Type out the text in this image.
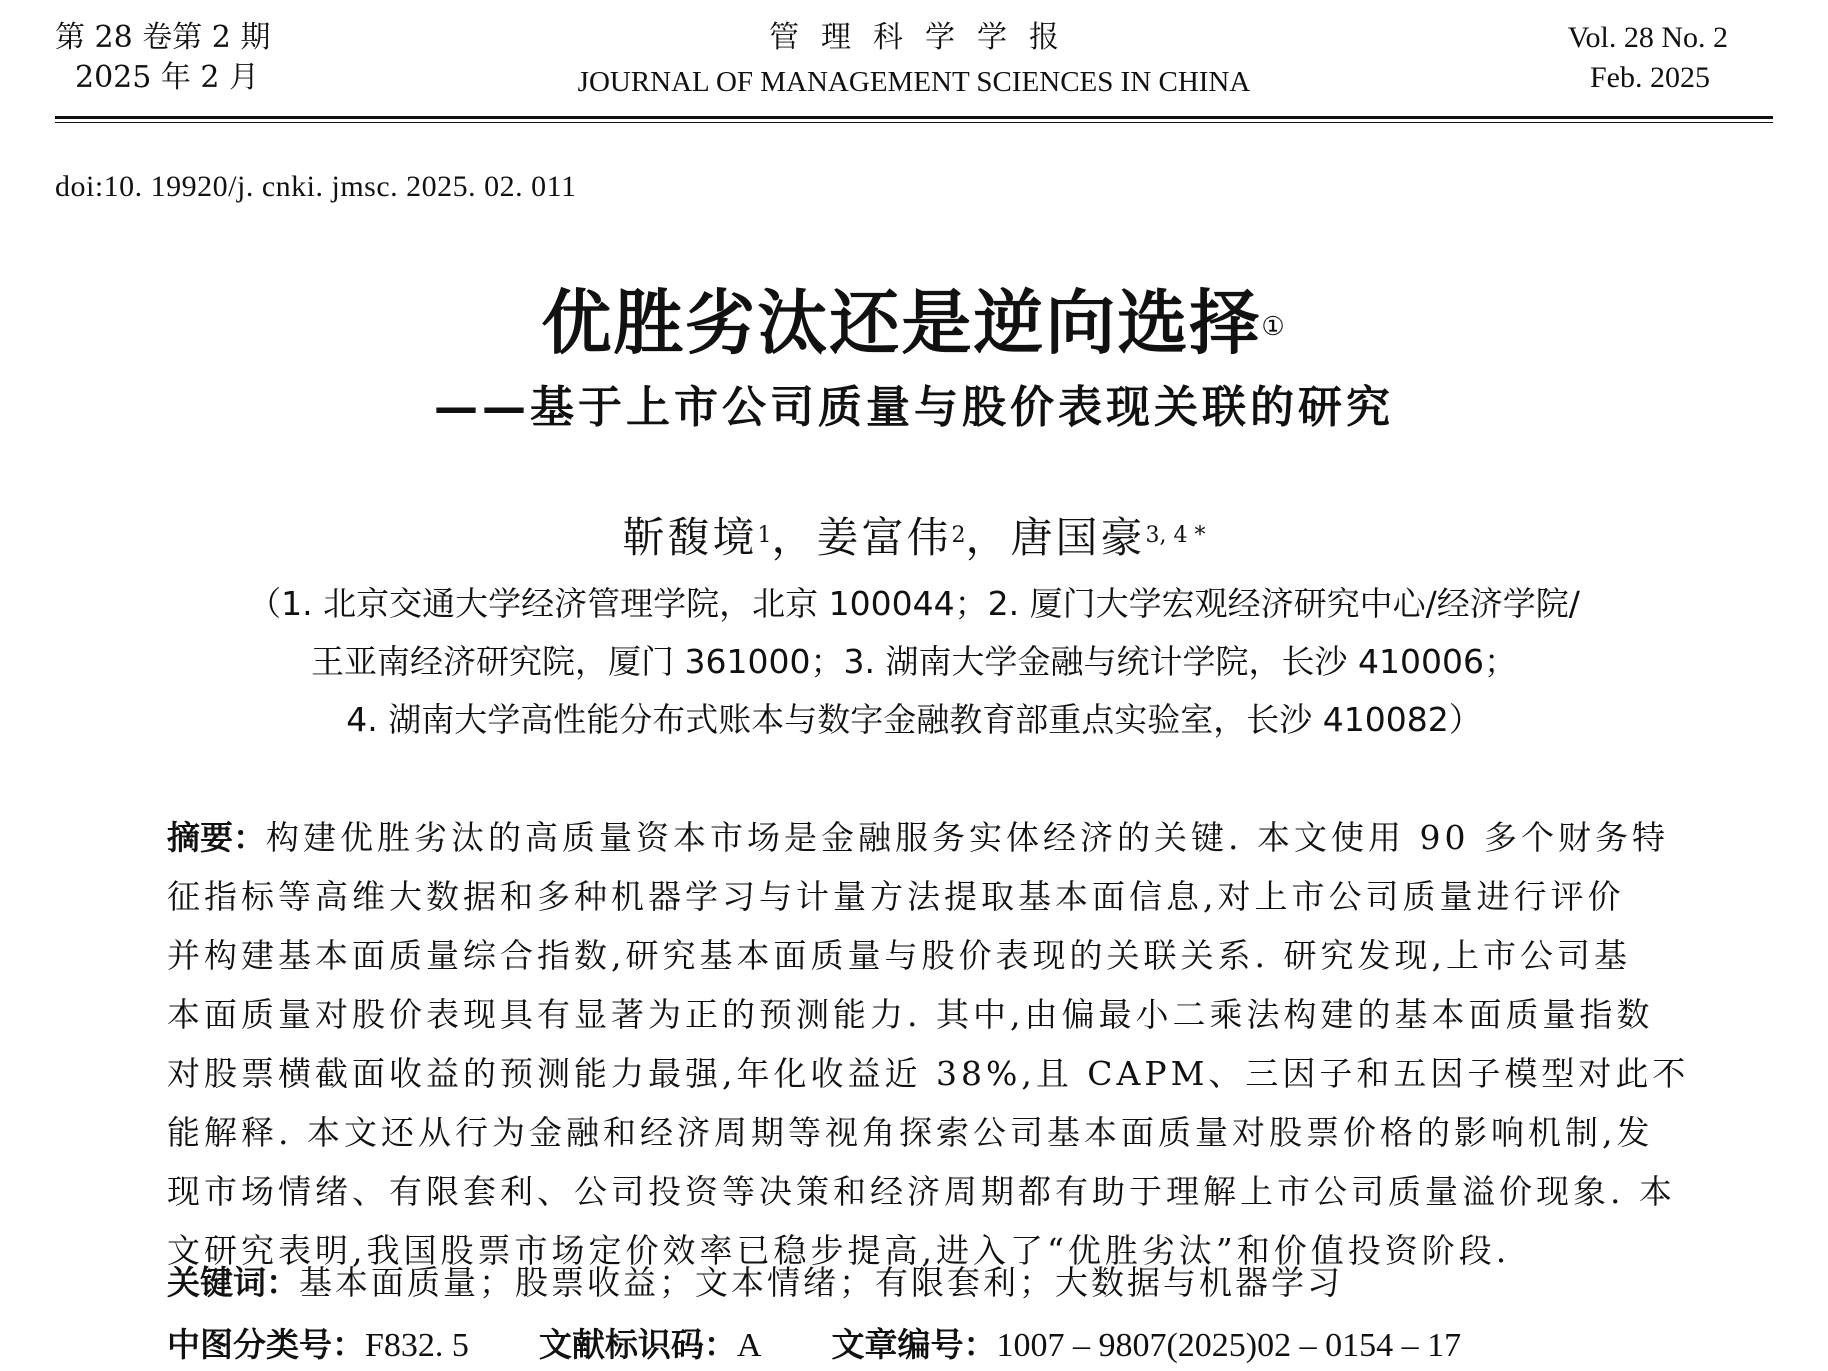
第 28 卷第 2 期
2025 年 2 月
管理科学学报
JOURNAL OF MANAGEMENT SCIENCES IN CHINA
Vol. 28 No. 2
Feb. 2025
doi:10. 19920/j. cnki. jmsc. 2025. 02. 011
优胜劣汰还是逆向选择①
——基于上市公司质量与股价表现关联的研究
靳馥境$^1$，姜富伟$^2$，唐国豪$^{3, 4 *}$
（1. 北京交通大学经济管理学院，北京 100044；2. 厦门大学宏观经济研究中心/经济学院/
王亚南经济研究院，厦门 361000；3. 湖南大学金融与统计学院，长沙 410006；
4. 湖南大学高性能分布式账本与数字金融教育部重点实验室，长沙 410082）
摘要：构建优胜劣汰的高质量资本市场是金融服务实体经济的关键. 本文使用 90 多个财务特
征指标等高维大数据和多种机器学习与计量方法提取基本面信息,对上市公司质量进行评价
并构建基本面质量综合指数,研究基本面质量与股价表现的关联关系. 研究发现,上市公司基
本面质量对股价表现具有显著为正的预测能力. 其中,由偏最小二乘法构建的基本面质量指数
对股票横截面收益的预测能力最强,年化收益近 38%,且 CAPM、三因子和五因子模型对此不
能解释. 本文还从行为金融和经济周期等视角探索公司基本面质量对股票价格的影响机制,发
现市场情绪、有限套利、公司投资等决策和经济周期都有助于理解上市公司质量溢价现象. 本
文研究表明,我国股票市场定价效率已稳步提高,进入了“优胜劣汰”和价值投资阶段.
关键词：基本面质量；股票收益；文本情绪；有限套利；大数据与机器学习
中图分类号：F832. 5 文献标识码：A 文章编号：1007 – 9807(2025)02 – 0154 – 17
